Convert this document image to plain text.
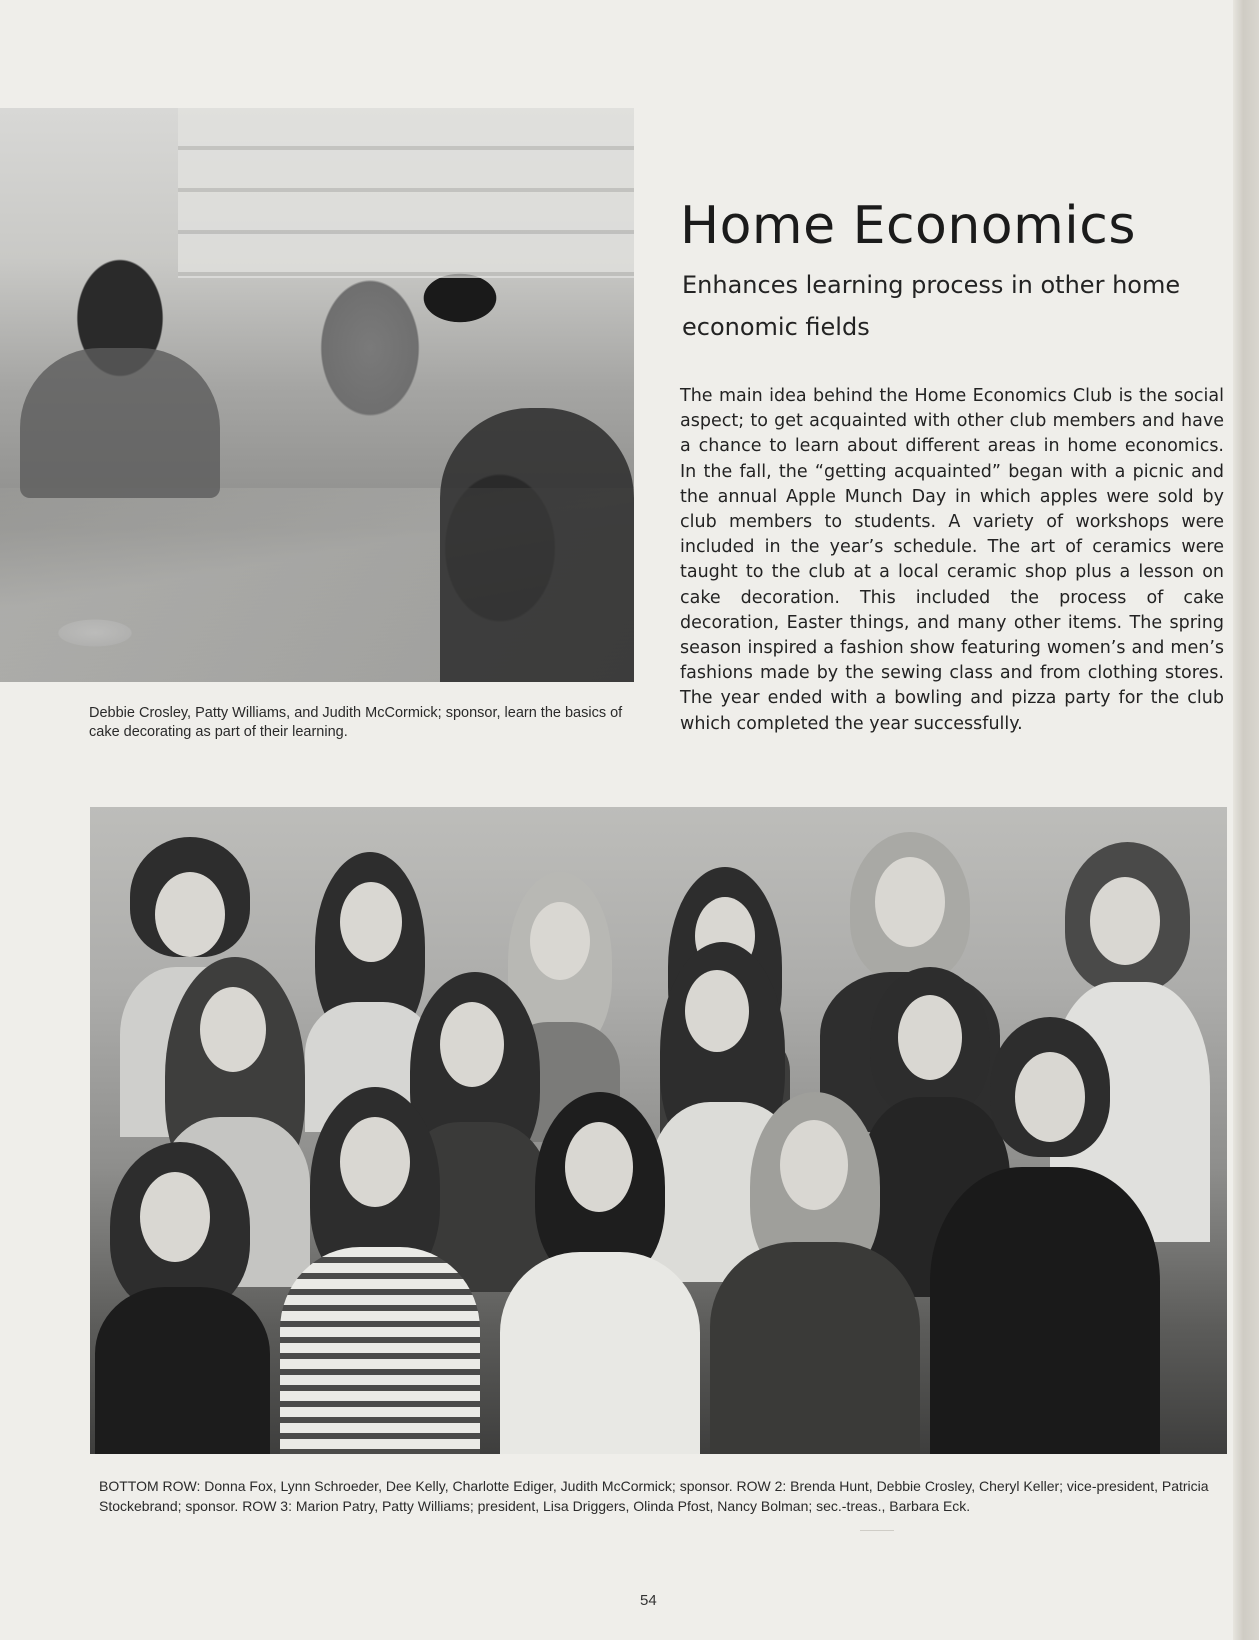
Debbie Crosley, Patty Williams, and Judith McCormick; sponsor, learn the basics of cake decorating as part of their learning.

Home Economics
Enhances learning process in other home economic fields

The main idea behind the Home Economics Club is the social aspect; to get acquainted with other club members and have a chance to learn about different areas in home economics. In the fall, the “getting acquainted” began with a picnic and the annual Apple Munch Day in which apples were sold by club members to students. A variety of workshops were included in the year’s schedule. The art of ceramics were taught to the club at a local ceramic shop plus a lesson on cake decoration. This included the process of cake decoration, Easter things, and many other items. The spring season inspired a fashion show featuring women’s and men’s fashions made by the sewing class and from clothing stores. The year ended with a bowling and pizza party for the club which completed the year successfully.

BOTTOM ROW: Donna Fox, Lynn Schroeder, Dee Kelly, Charlotte Ediger, Judith McCormick; sponsor. ROW 2: Brenda Hunt, Debbie Crosley, Cheryl Keller; vice-president, Patricia Stockebrand; sponsor. ROW 3: Marion Patry, Patty Williams; president, Lisa Driggers, Olinda Pfost, Nancy Bolman; sec.-treas., Barbara Eck.

54
